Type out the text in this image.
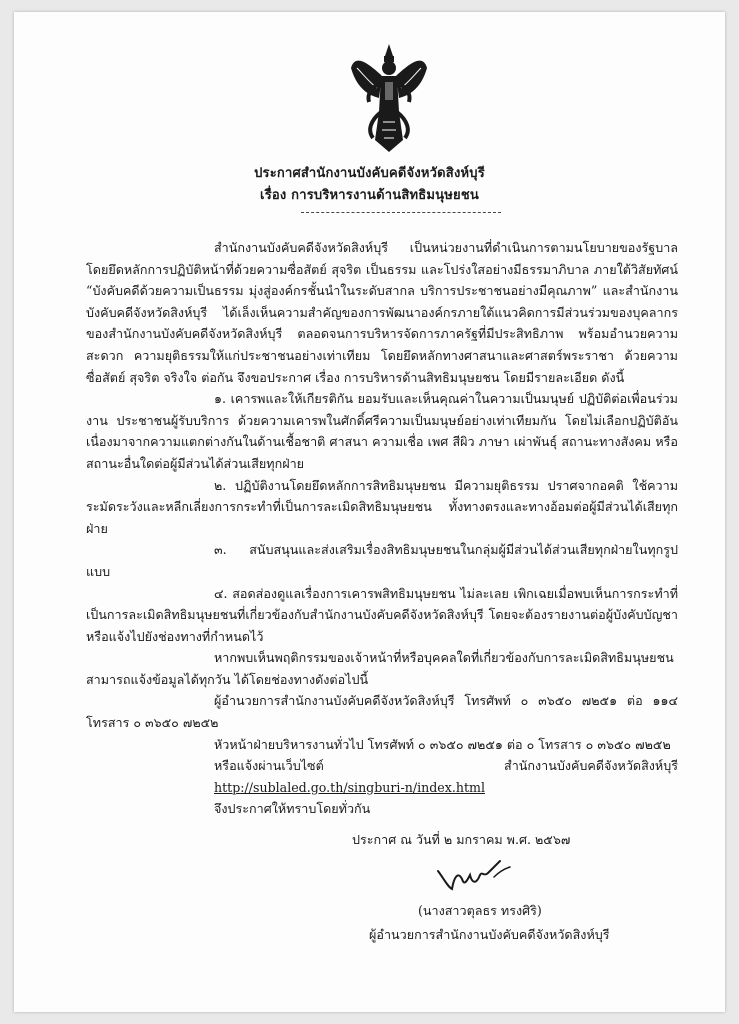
ประกาศสำนักงานบังคับคดีจังหวัดสิงห์บุรี
เรื่อง การบริหารงานด้านสิทธิมนุษยชน

สำนักงานบังคับคดีจังหวัดสิงห์บุรี เป็นหน่วยงานที่ดำเนินการตามนโยบายของรัฐบาล โดยยึดหลักการปฏิบัติหน้าที่ด้วยความซื่อสัตย์ สุจริต เป็นธรรม และโปร่งใสอย่างมีธรรมาภิบาล ภายใต้วิสัยทัศน์ “บังคับคดีด้วยความเป็นธรรม มุ่งสู่องค์กรชั้นนำในระดับสากล บริการประชาชนอย่างมีคุณภาพ” และสำนักงานบังคับคดีจังหวัดสิงห์บุรี ได้เล็งเห็นความสำคัญของการพัฒนาองค์กรภายใต้แนวคิดการมีส่วนร่วมของบุคลากรของสำนักงานบังคับคดีจังหวัดสิงห์บุรี ตลอดจนการบริหารจัดการภาครัฐที่มีประสิทธิภาพ พร้อมอำนวยความสะดวก ความยุติธรรมให้แก่ประชาชนอย่างเท่าเทียม โดยยึดหลักทางศาสนาและศาสตร์พระราชา ด้วยความซื่อสัตย์ สุจริต จริงใจ ต่อกัน จึงขอประกาศ เรื่อง การบริหารด้านสิทธิมนุษยชน โดยมีรายละเอียด ดังนี้

๑. เคารพและให้เกียรติกัน ยอมรับและเห็นคุณค่าในความเป็นมนุษย์ ปฏิบัติต่อเพื่อนร่วมงาน ประชาชนผู้รับบริการ ด้วยความเคารพในศักดิ์ศรีความเป็นมนุษย์อย่างเท่าเทียมกัน โดยไม่เลือกปฏิบัติอันเนื่องมาจากความแตกต่างกันในด้านเชื้อชาติ ศาสนา ความเชื่อ เพศ สีผิว ภาษา เผ่าพันธุ์ สถานะทางสังคม หรือสถานะอื่นใดต่อผู้มีส่วนได้ส่วนเสียทุกฝ่าย

๒. ปฏิบัติงานโดยยึดหลักการสิทธิมนุษยชน มีความยุติธรรม ปราศจากอคติ ใช้ความระมัดระวังและหลีกเลี่ยงการกระทำที่เป็นการละเมิดสิทธิมนุษยชน ทั้งทางตรงและทางอ้อมต่อผู้มีส่วนได้เสียทุกฝ่าย

๓. สนับสนุนและส่งเสริมเรื่องสิทธิมนุษยชนในกลุ่มผู้มีส่วนได้ส่วนเสียทุกฝ่ายในทุกรูปแบบ

๔. สอดส่องดูแลเรื่องการเคารพสิทธิมนุษยชน ไม่ละเลย เพิกเฉยเมื่อพบเห็นการกระทำที่เป็นการละเมิดสิทธิมนุษยชนที่เกี่ยวข้องกับสำนักงานบังคับคดีจังหวัดสิงห์บุรี โดยจะต้องรายงานต่อผู้บังคับบัญชา หรือแจ้งไปยังช่องทางที่กำหนดไว้

หากพบเห็นพฤติกรรมของเจ้าหน้าที่หรือบุคคลใดที่เกี่ยวข้องกับการละเมิดสิทธิมนุษยชน สามารถแจ้งข้อมูลได้ทุกวัน ได้โดยช่องทางดังต่อไปนี้

ผู้อำนวยการสำนักงานบังคับคดีจังหวัดสิงห์บุรี โทรศัพท์ ๐ ๓๖๕๐ ๗๒๕๑ ต่อ ๑๑๔ โทรสาร ๐ ๓๖๕๐ ๗๒๕๒

หัวหน้าฝ่ายบริหารงานทั่วไป โทรศัพท์ ๐ ๓๖๕๐ ๗๒๕๑ ต่อ ๐ โทรสาร ๐ ๓๖๕๐ ๗๒๕๒

หรือแจ้งผ่านเว็บไซต์ สำนักงานบังคับคดีจังหวัดสิงห์บุรี http://sublaled.go.th/singburi-n/index.html

จึงประกาศให้ทราบโดยทั่วกัน

ประกาศ ณ วันที่ ๒ มกราคม พ.ศ. ๒๕๖๗
(นางสาวตุลธร ทรงศิริ)
ผู้อำนวยการสำนักงานบังคับคดีจังหวัดสิงห์บุรี
